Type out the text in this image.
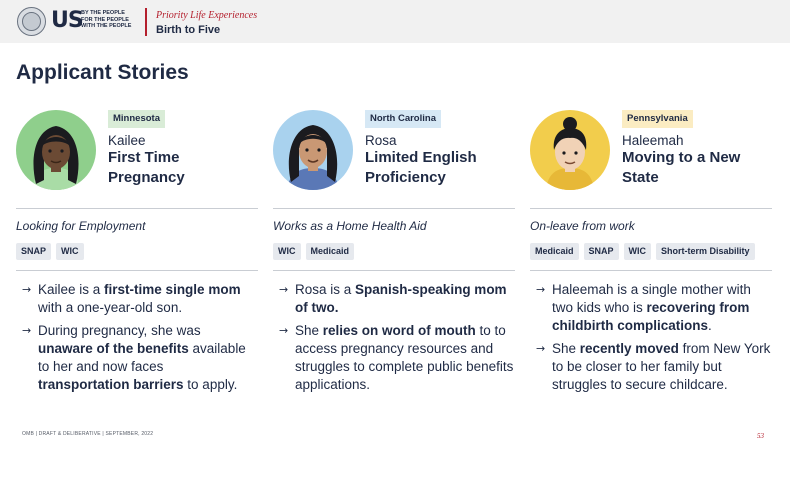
US
BY THE PEOPLE FOR THE PEOPLE WITH THE PEOPLE
Priority Life Experiences
Birth to Five
Applicant Stories
Minnesota
Kailee
First Time Pregnancy
Looking for Employment
SNAP	WIC
→ Kailee is a first-time single mom with a one-year-old son.
→ During pregnancy, she was unaware of the benefits available to her and now faces transportation barriers to apply.
North Carolina
Rosa
Limited English Proficiency
Works as a Home Health Aid
WIC	Medicaid
→ Rosa is a Spanish-speaking mom of two.
→ She relies on word of mouth to to access pregnancy resources and struggles to complete public benefits applications.
Pennsylvania
Haleemah
Moving to a New State
On-leave from work
Medicaid	SNAP	WIC	Short-term Disability
→ Haleemah is a single mother with two kids who is recovering from childbirth complications.
→ She recently moved from New York to be closer to her family but struggles to secure childcare.
OMB | DRAFT & DELIBERATIVE | SEPTEMBER, 2022	53
